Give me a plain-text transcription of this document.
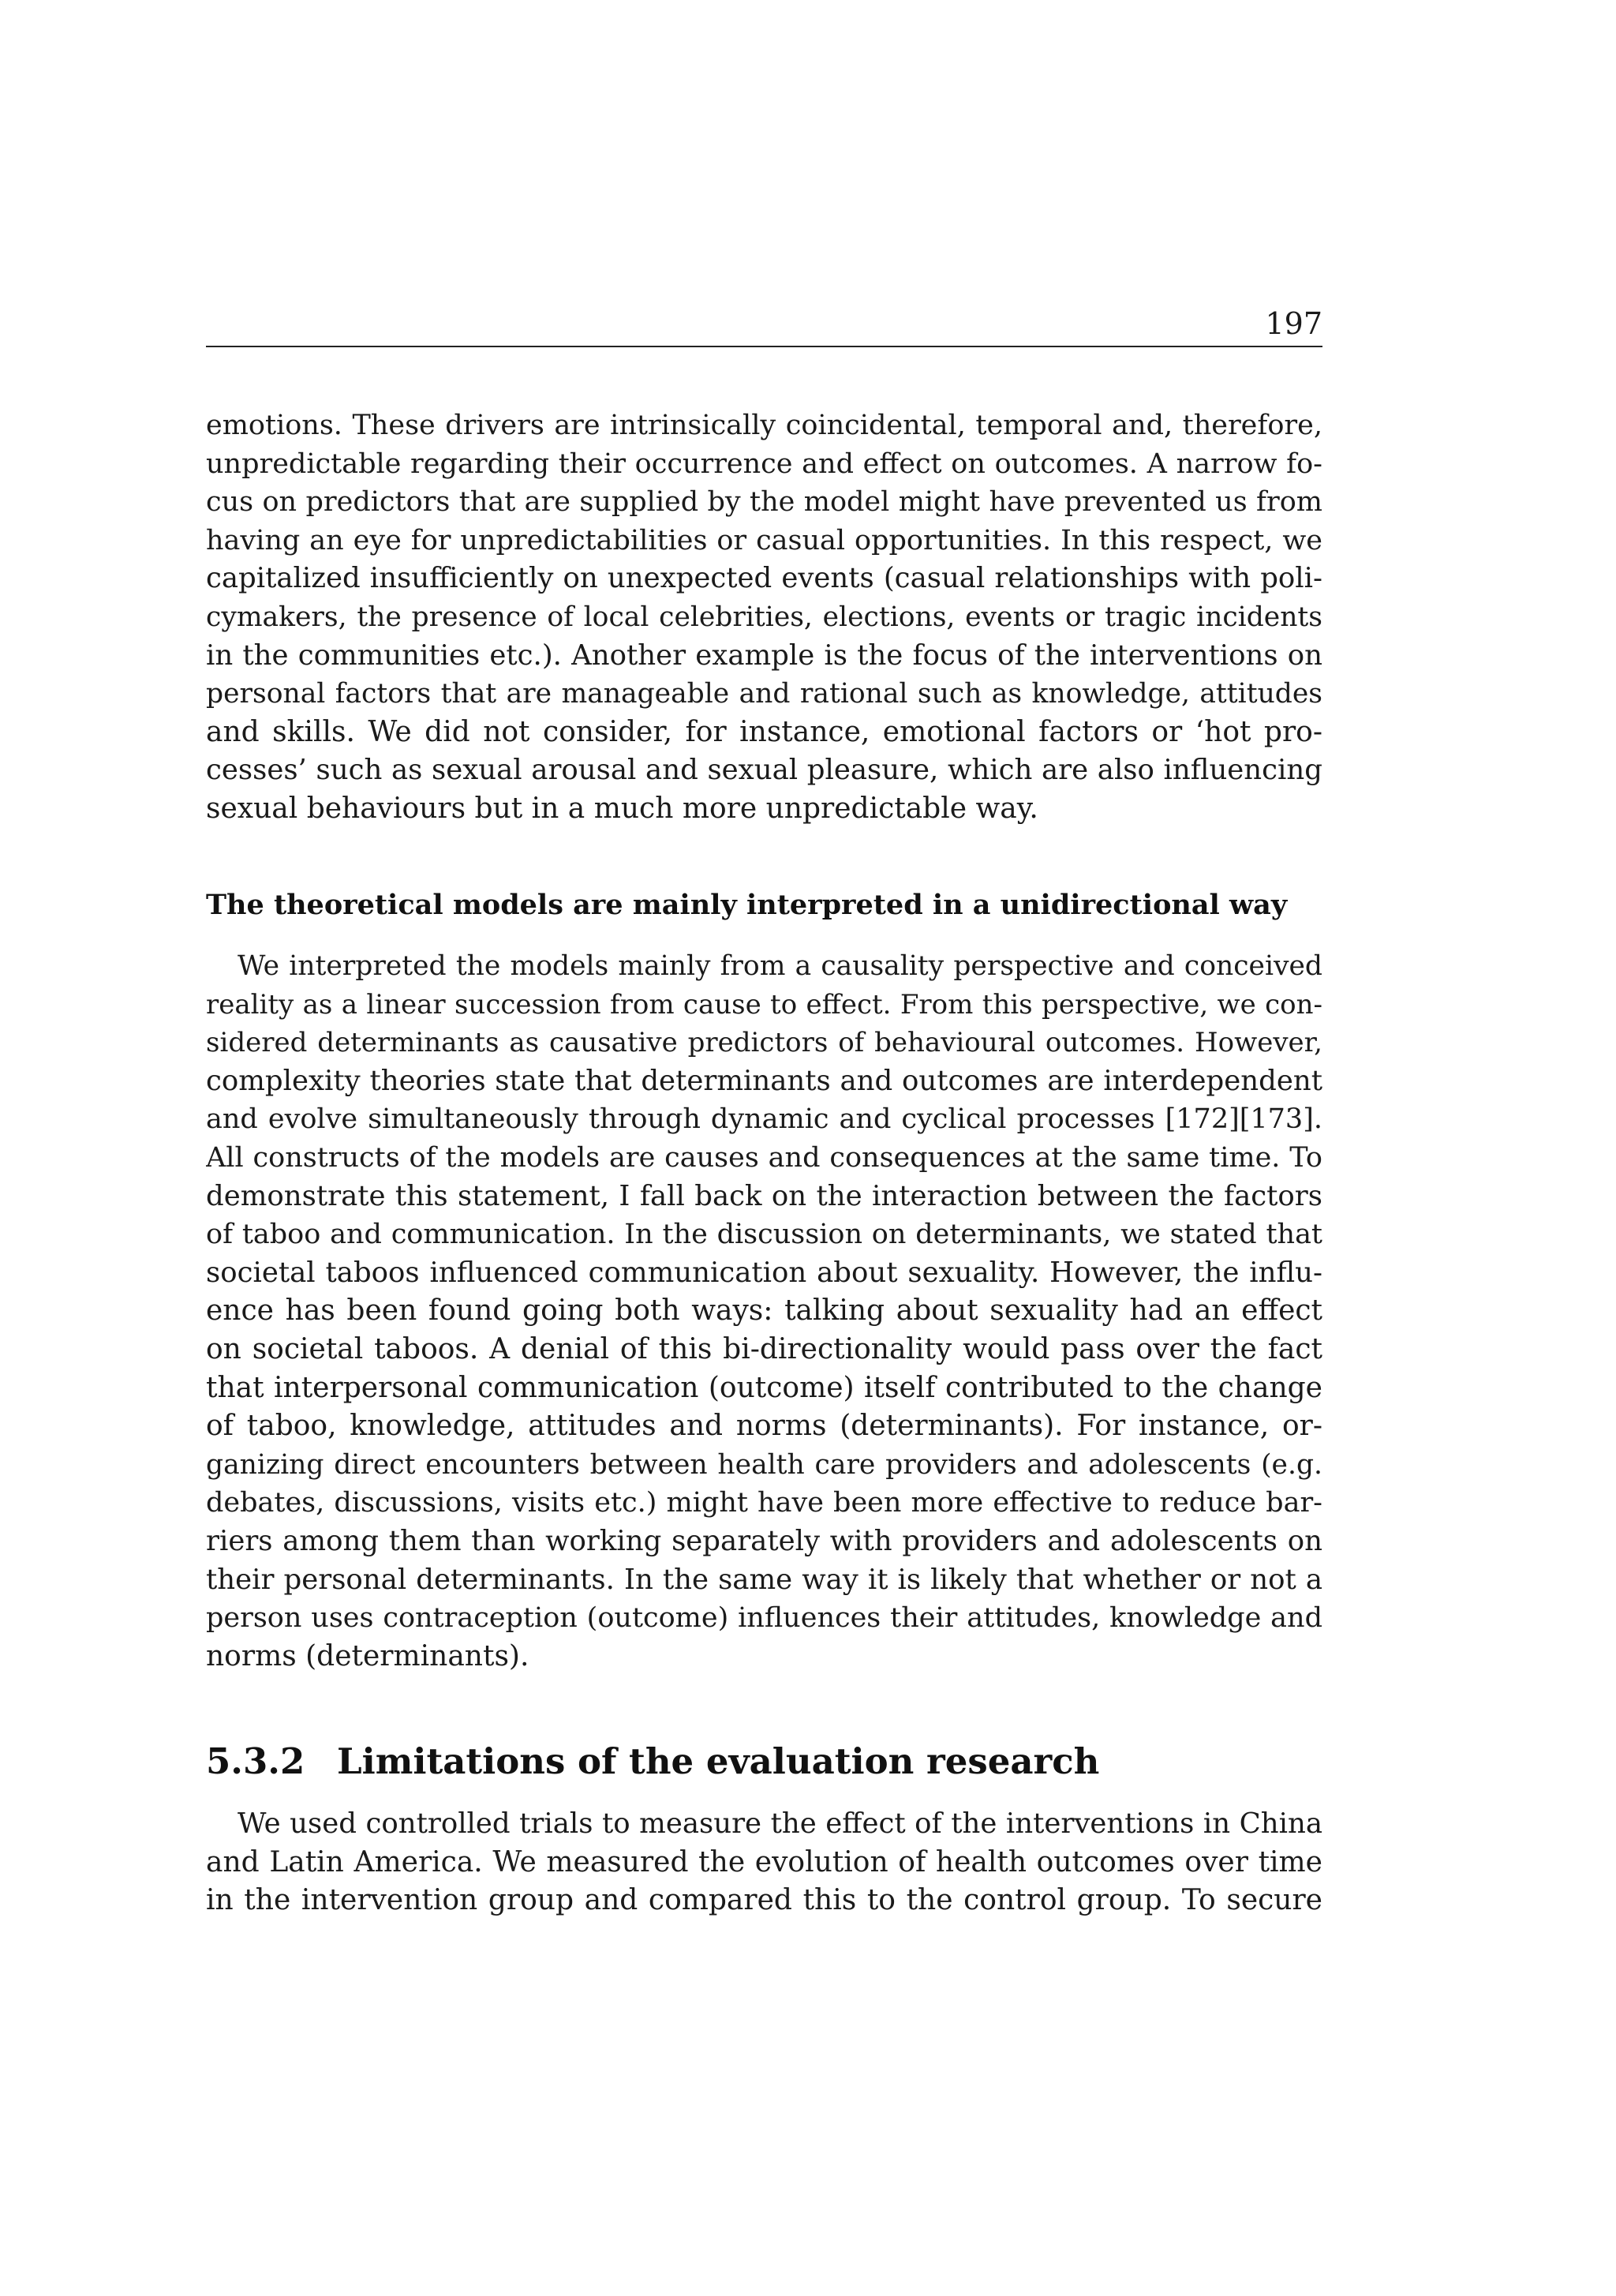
197
emotions. These drivers are intrinsically coincidental, temporal and, therefore,
unpredictable regarding their occurrence and effect on outcomes. A narrow fo-
cus on predictors that are supplied by the model might have prevented us from
having an eye for unpredictabilities or casual opportunities. In this respect, we
capitalized insufficiently on unexpected events (casual relationships with poli-
cymakers, the presence of local celebrities, elections, events or tragic incidents
in the communities etc.). Another example is the focus of the interventions on
personal factors that are manageable and rational such as knowledge, attitudes
and skills. We did not consider, for instance, emotional factors or ‘hot pro-
cesses’ such as sexual arousal and sexual pleasure, which are also influencing
sexual behaviours but in a much more unpredictable way.
The theoretical models are mainly interpreted in a unidirectional way
We interpreted the models mainly from a causality perspective and conceived
reality as a linear succession from cause to effect. From this perspective, we con-
sidered determinants as causative predictors of behavioural outcomes. However,
complexity theories state that determinants and outcomes are interdependent
and evolve simultaneously through dynamic and cyclical processes [172][173].
All constructs of the models are causes and consequences at the same time. To
demonstrate this statement, I fall back on the interaction between the factors
of taboo and communication. In the discussion on determinants, we stated that
societal taboos influenced communication about sexuality. However, the influ-
ence has been found going both ways: talking about sexuality had an effect
on societal taboos. A denial of this bi-directionality would pass over the fact
that interpersonal communication (outcome) itself contributed to the change
of taboo, knowledge, attitudes and norms (determinants). For instance, or-
ganizing direct encounters between health care providers and adolescents (e.g.
debates, discussions, visits etc.) might have been more effective to reduce bar-
riers among them than working separately with providers and adolescents on
their personal determinants. In the same way it is likely that whether or not a
person uses contraception (outcome) influences their attitudes, knowledge and
norms (determinants).
5.3.2 Limitations of the evaluation research
We used controlled trials to measure the effect of the interventions in China
and Latin America. We measured the evolution of health outcomes over time
in the intervention group and compared this to the control group. To secure
